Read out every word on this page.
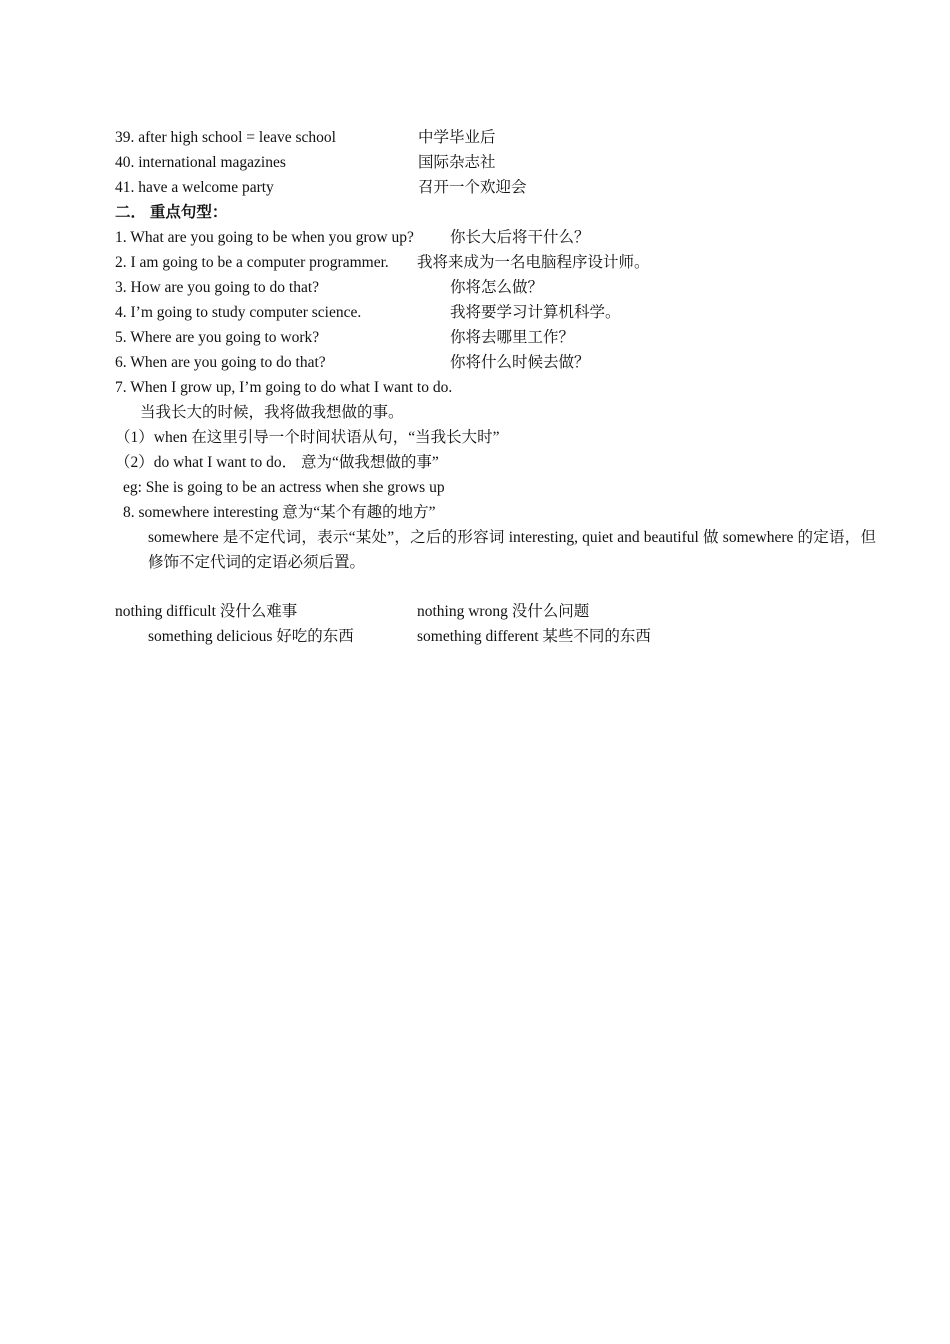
39. after high school = leave school	中学毕业后
40. international magazines	国际杂志社
41. have a welcome party	召开一个欢迎会
二． 重点句型：
1. What are you going to be when you grow up? 你长大后将干什么？
2. I am going to be a computer programmer. 我将来成为一名电脑程序设计师。
3. How are you going to do that?	你将怎么做？
4. I’m going to study computer science.	我将要学习计算机科学。
5. Where are you going to work?	你将去哪里工作？
6. When are you going to do that?	你将什么时候去做？
7. When I grow up, I’m going to do what I want to do.
当我长大的时候，我将做我想做的事。
（1）when 在这里引导一个时间状语从句，“当我长大时”
（2）do what I want to do． 意为“做我想做的事”
eg: She is going to be an actress when she grows up
8. somewhere interesting 意为“某个有趣的地方”
somewhere 是不定代词，表示“某处”，之后的形容词 interesting, quiet and beautiful 做 somewhere 的定语，但修饰不定代词的定语必须后置。
nothing difficult 没什么难事	nothing wrong 没什么问题
something delicious 好吃的东西	something different 某些不同的东西
